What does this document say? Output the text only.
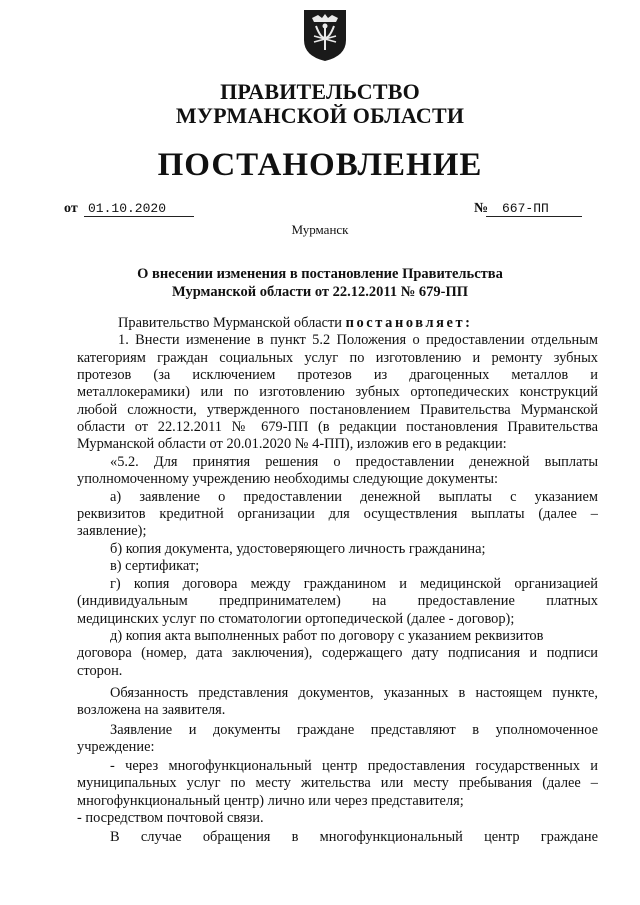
ПРАВИТЕЛЬСТВО
МУРМАНСКОЙ ОБЛАСТИ
ПОСТАНОВЛЕНИЕ
от 01.10.2020	№	667-ПП
Мурманск
О внесении изменения в постановление Правительства
Мурманской области от 22.12.2011 № 679-ПП
Правительство Мурманской области постановляет:
1. Внести изменение в пункт 5.2 Положения о предоставлении отдельным
категориям граждан социальных услуг по изготовлению и ремонту зубных
протезов (за исключением протезов из драгоценных металлов и
металлокерамики) или по изготовлению зубных ортопедических конструкций
любой сложности, утвержденного постановлением Правительства Мурманской
области от 22.12.2011 № 679-ПП (в редакции постановления Правительства
Мурманской области от 20.01.2020 № 4-ПП), изложив его в редакции:
«5.2. Для принятия решения о предоставлении денежной выплаты
уполномоченному учреждению необходимы следующие документы:
а) заявление о предоставлении денежной выплаты с указанием
реквизитов кредитной организации для осуществления выплаты (далее –
заявление);
б) копия документа, удостоверяющего личность гражданина;
в) сертификат;
г) копия договора между гражданином и медицинской организацией
(индивидуальным предпринимателем) на предоставление платных
медицинских услуг по стоматологии ортопедической (далее - договор);
д) копия акта выполненных работ по договору с указанием реквизитов
договора (номер, дата заключения), содержащего дату подписания и подписи
сторон.
Обязанность представления документов, указанных в настоящем пункте,
возложена на заявителя.
Заявление и документы граждане представляют в уполномоченное
учреждение:
- через многофункциональный центр предоставления государственных и
муниципальных услуг по месту жительства или месту пребывания (далее –
многофункциональный центр) лично или через представителя;
- посредством почтовой связи.
В случае обращения в многофункциональный центр граждане
